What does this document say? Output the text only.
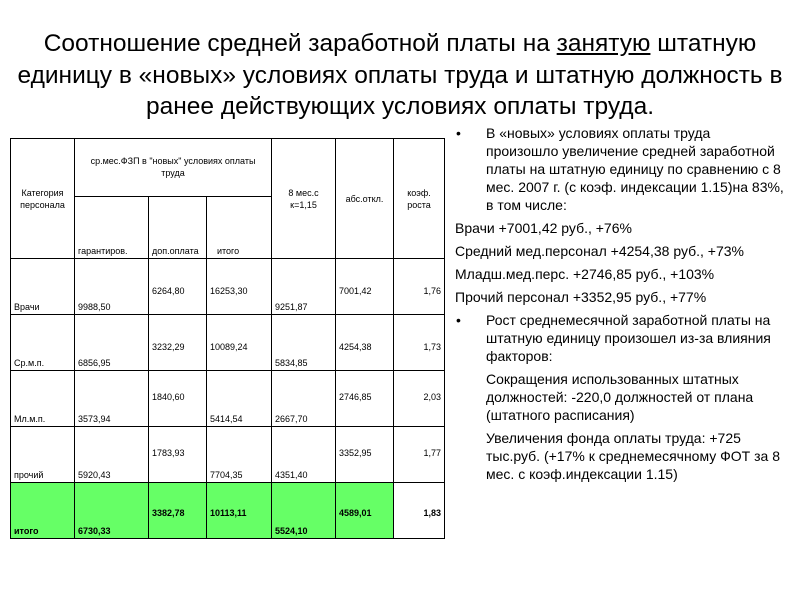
Соотношение средней заработной платы на занятую штатную единицу в «новых» условиях оплаты труда и штатную должность в ранее действующих условиях оплаты труда.
Категория персонала	ср.мес.ФЗП в "новых" условиях оплаты труда			8 мес.с к=1,15	абс.откл.	коэф. роста
	гарантиров.	доп.оплата	итого			
Врачи	9988,50	6264,80	16253,30	9251,87	7001,42	1,76
Ср.м.п.	6856,95	3232,29	10089,24	5834,85	4254,38	1,73
Мл.м.п.	3573,94	1840,60	5414,54	2667,70	2746,85	2,03
прочий	5920,43	1783,93	7704,35	4351,40	3352,95	1,77
итого	6730,33	3382,78	10113,11	5524,10	4589,01	1,83

• В «новых» условиях оплаты труда произошло увеличение средней заработной платы на штатную единицу по сравнению с 8 мес. 2007 г. (с коэф. индексации 1.15)на 83%, в том числе:

Врачи +7001,42 руб., +76%

Средний мед.персонал +4254,38 руб., +73%

Младш.мед.перс. +2746,85 руб., +103%

Прочий персонал +3352,95 руб., +77%

• Рост среднемесячной заработной платы на штатную единицу произошел из-за влияния факторов:

Сокращения использованных штатных должностей: -220,0 должностей от плана (штатного расписания)

Увеличения фонда оплаты труда: +725 тыс.руб. (+17% к среднемесячному ФОТ за 8 мес. с коэф.индексации 1.15)
